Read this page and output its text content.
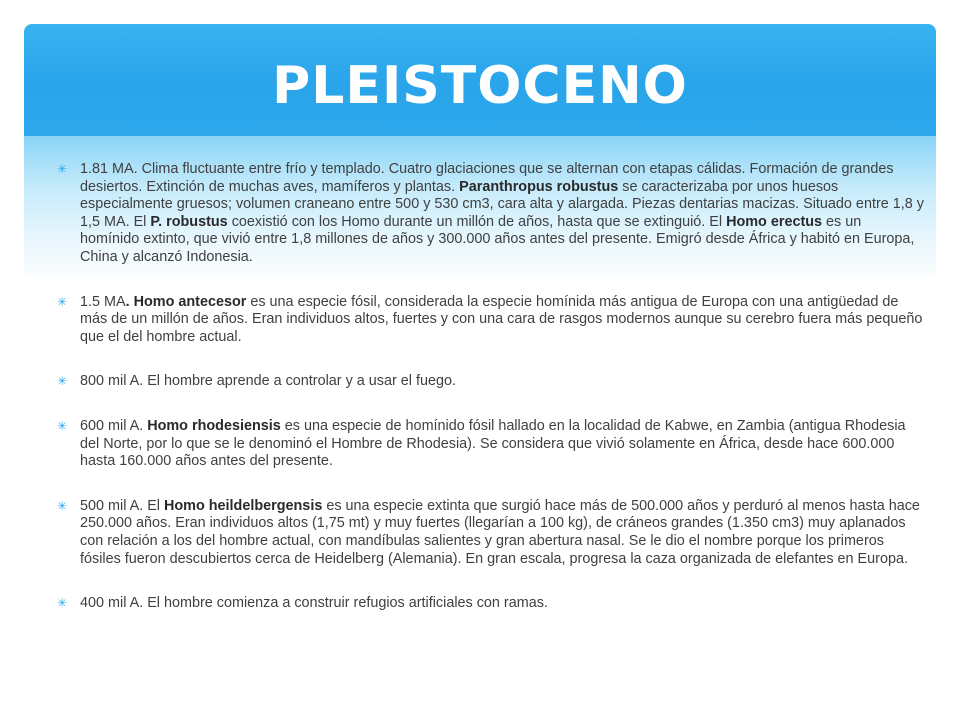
PLEISTOCENO
✳ 1.81 MA. Clima fluctuante entre frío y templado. Cuatro glaciaciones que se alternan con etapas cálidas. Formación de grandes desiertos. Extinción de muchas aves, mamíferos y plantas. Paranthropus robustus se caracterizaba por unos huesos especialmente gruesos; volumen craneano entre 500 y 530 cm3, cara alta y alargada. Piezas dentarias macizas. Situado entre 1,8 y 1,5 MA. El P. robustus coexistió con los Homo durante un millón de años, hasta que se extinguió. El Homo erectus es un homínido extinto, que vivió entre 1,8 millones de años y 300.000 años antes del presente. Emigró desde África y habitó en Europa, China y alcanzó Indonesia.
✳ 1.5 MA. Homo antecesor es una especie fósil, considerada la especie homínida más antigua de Europa con una antigüedad de más de un millón de años. Eran individuos altos, fuertes y con una cara de rasgos modernos aunque su cerebro fuera más pequeño que el del hombre actual.
✳ 800 mil A. El hombre aprende a controlar y a usar el fuego.
✳ 600 mil A. Homo rhodesiensis es una especie de homínido fósil hallado en la localidad de Kabwe, en Zambia (antigua Rhodesia del Norte, por lo que se le denominó el Hombre de Rhodesia). Se considera que vivió solamente en África, desde hace 600.000 hasta 160.000 años antes del presente.
✳ 500 mil A. El Homo heildelbergensis es una especie extinta que surgió hace más de 500.000 años y perduró al menos hasta hace 250.000 años. Eran individuos altos (1,75 mt) y muy fuertes (llegarían a 100 kg), de cráneos grandes (1.350 cm3) muy aplanados con relación a los del hombre actual, con mandíbulas salientes y gran abertura nasal. Se le dio el nombre porque los primeros fósiles fueron descubiertos cerca de Heidelberg (Alemania). En gran escala, progresa la caza organizada de elefantes en Europa.
✳ 400 mil A. El hombre comienza a construir refugios artificiales con ramas.
